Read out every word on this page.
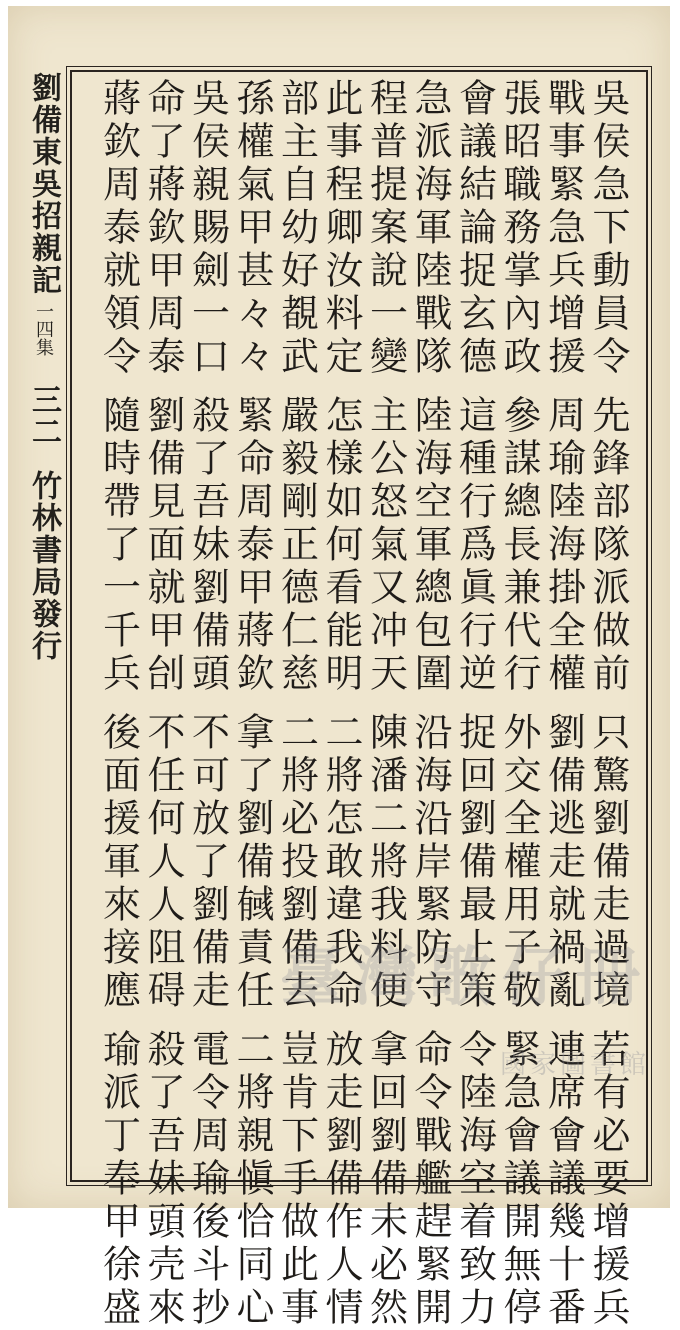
劉備東吳招親記
一四集
三二
竹林書局發行
吳侯急下動員令先鋒部隊派做前只驚劉備走過境若有必要增援兵
戰事緊急兵增援周瑜陸海掛全權劉備逃走就禍亂連席會議幾十番
張昭職務掌內政參謀總長兼代行外交全權用子敬緊急會議開無停
會議結論捉玄德這種行爲眞行逆捉回劉備最上策令陸海空着致力
急派海軍陸戰隊陸海空軍總包圍沿海沿岸緊防守命令戰艦趕緊開
程普提案說一變主公怒氣又冲天陳潘二將我料便拿回劉備未必然
此事程卿汝料定怎樣如何看能明二將怎敢違我命放走劉備作人情
部主自幼好覩武嚴毅剛正德仁慈二將必投劉備去豈肯下手做此事
孫權氣甲甚々々緊命周泰甲蔣欽拿了劉備𢒰責任二將親愼恰同心
吳侯親賜劍一口殺了吾妹劉備頭不可放了劉備走電令周瑜後斗抄
命了蔣欽甲周泰劉備見面就甲刣不任何人人阻碍殺了吾妹頭壳來
蔣欽周泰就領令隨時帶了一千兵後面援軍來接應瑜派丁奉甲徐盛
臺灣歌仔冊
國家圖書館
